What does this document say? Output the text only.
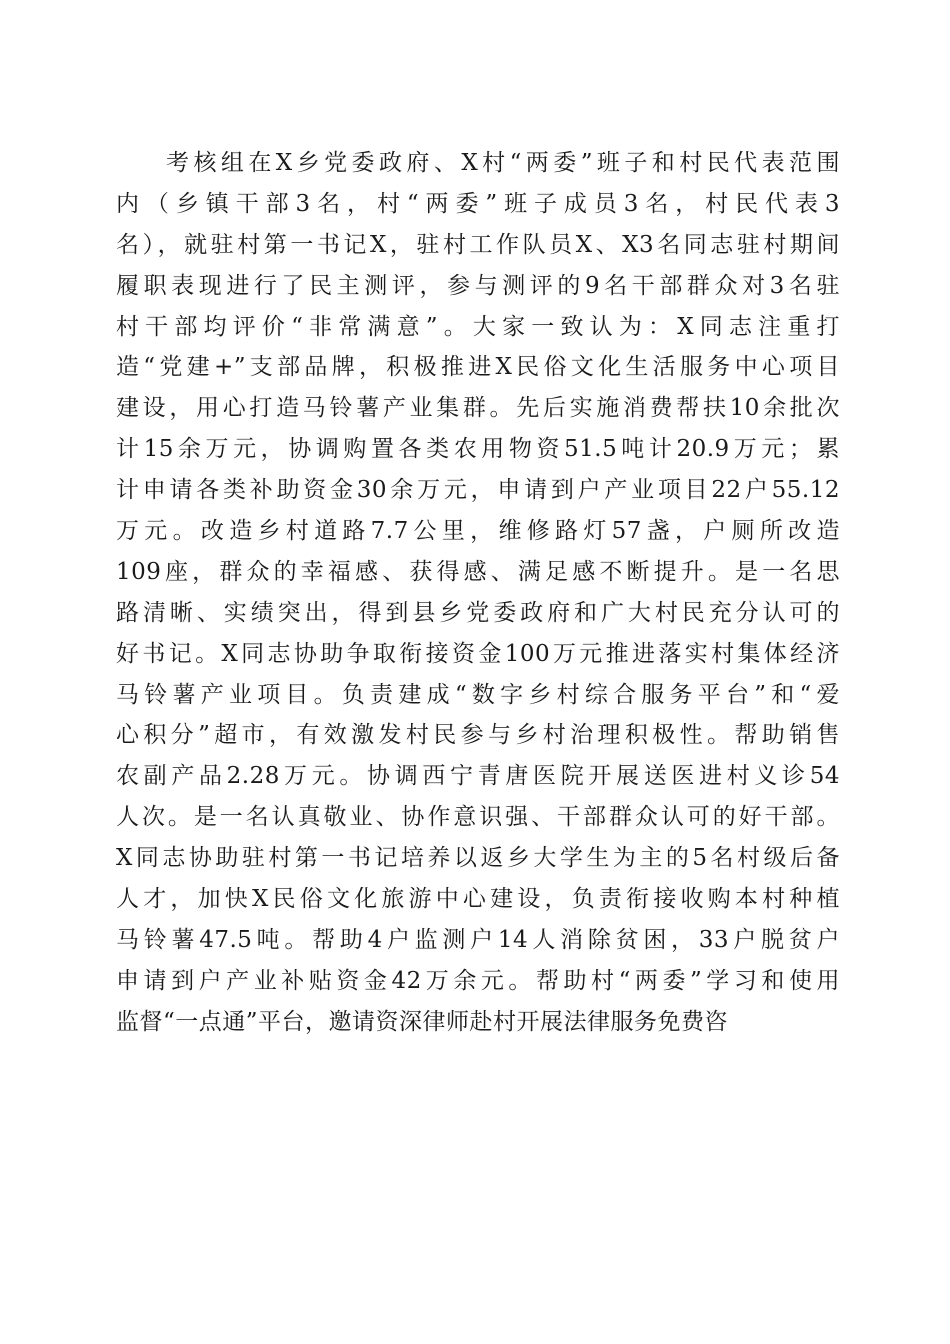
考核组在X乡党委政府、X村“两委”班子和村民代表范围
内（乡镇干部3名，村“两委”班子成员3名，村民代表3
名），就驻村第一书记X，驻村工作队员X、X3名同志驻村期间
履职表现进行了民主测评，参与测评的9名干部群众对3名驻
村干部均评价“非常满意”。大家一致认为：X同志注重打
造“党建+”支部品牌，积极推进X民俗文化生活服务中心项目
建设，用心打造马铃薯产业集群。先后实施消费帮扶10余批次
计15余万元，协调购置各类农用物资51.5吨计20.9万元；累
计申请各类补助资金30余万元，申请到户产业项目22户55.12
万元。改造乡村道路7.7公里，维修路灯57盏，户厕所改造
109座，群众的幸福感、获得感、满足感不断提升。是一名思
路清晰、实绩突出，得到县乡党委政府和广大村民充分认可的
好书记。X同志协助争取衔接资金100万元推进落实村集体经济
马铃薯产业项目。负责建成“数字乡村综合服务平台”和“爱
心积分”超市，有效激发村民参与乡村治理积极性。帮助销售
农副产品2.28万元。协调西宁青唐医院开展送医进村义诊54
人次。是一名认真敬业、协作意识强、干部群众认可的好干部。
X同志协助驻村第一书记培养以返乡大学生为主的5名村级后备
人才，加快X民俗文化旅游中心建设，负责衔接收购本村种植
马铃薯47.5吨。帮助4户监测户14人消除贫困，33户脱贫户
申请到户产业补贴资金42万余元。帮助村“两委”学习和使用
监督“一点通”平台，邀请资深律师赴村开展法律服务免费咨
